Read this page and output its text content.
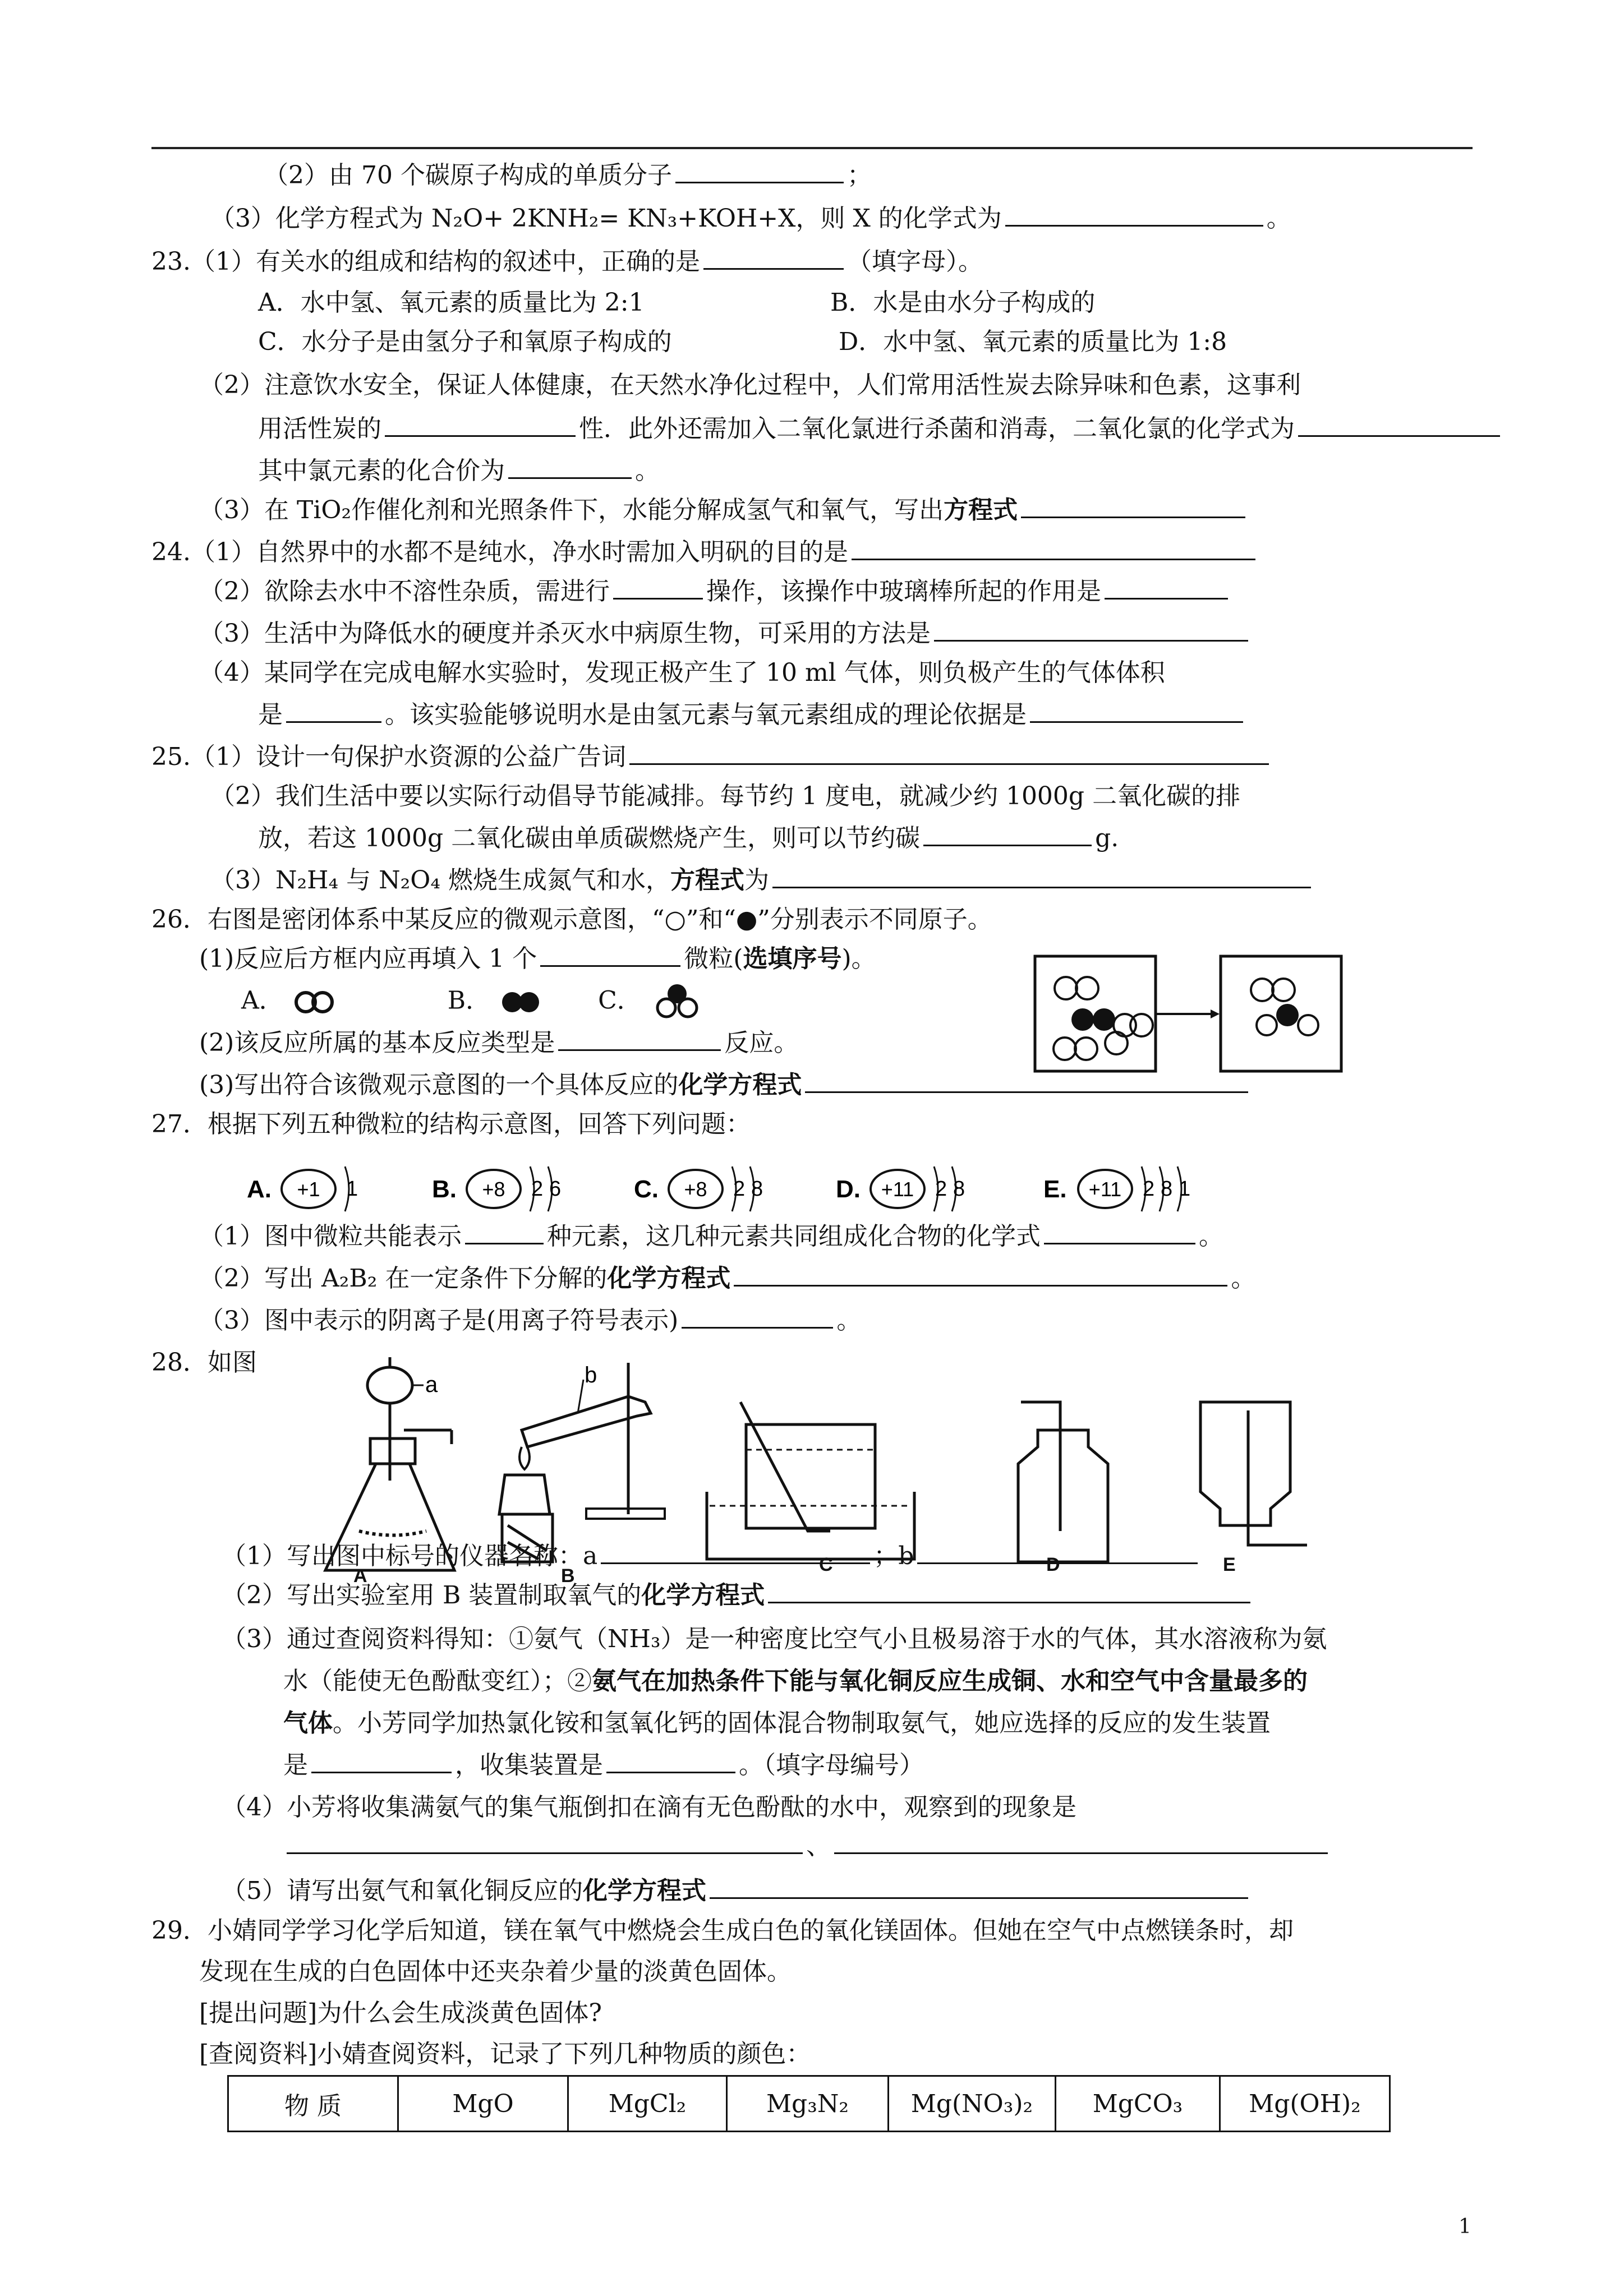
（2）由 70 个碳原子构成的单质分子	；
（3）化学方程式为 N₂O+ 2KNH₂= KN₃+KOH+X，则 X 的化学式为	。
23.（1）有关水的组成和结构的叙述中，正确的是	（填字母）。
A．水中氢、氧元素的质量比为 2:1	B．水是由水分子构成的
C．水分子是由氢分子和氧原子构成的	D．水中氢、氧元素的质量比为 1:8
（2）注意饮水安全，保证人体健康，在天然水净化过程中，人们常用活性炭去除异味和色素，这事利
用活性炭的	性．此外还需加入二氧化氯进行杀菌和消毒，二氧化氯的化学式为
其中氯元素的化合价为	。
（3）在 TiO₂作催化剂和光照条件下，水能分解成氢气和氧气，写出方程式
24.（1）自然界中的水都不是纯水，净水时需加入明矾的目的是
（2）欲除去水中不溶性杂质，需进行	操作，该操作中玻璃棒所起的作用是
（3）生活中为降低水的硬度并杀灭水中病原生物，可采用的方法是
（4）某同学在完成电解水实验时，发现正极产生了 10 ml 气体，则负极产生的气体体积
是	。该实验能够说明水是由氢元素与氧元素组成的理论依据是
25.（1）设计一句保护水资源的公益广告词
（2）我们生活中要以实际行动倡导节能减排。每节约 1 度电，就减少约 1000g 二氧化碳的排
放，若这 1000g 二氧化碳由单质碳燃烧产生，则可以节约碳	g.
（3）N₂H₄ 与 N₂O₄ 燃烧生成氮气和水，方程式为
26．右图是密闭体系中某反应的微观示意图，“○”和“●”分别表示不同原子。
(1)反应后方框内应再填入 1 个	微粒(选填序号)。
A．	B．	C．
(2)该反应所属的基本反应类型是	反应。
(3)写出符合该微观示意图的一个具体反应的化学方程式
27．根据下列五种微粒的结构示意图，回答下列问题：
A. +1 1	B. +8 2 6	C. +8 2 8	D. +11 2 8	E. +11 2 8 1
（1）图中微粒共能表示	种元素，这几种元素共同组成化合物的化学式	。
（2）写出 A₂B₂ 在一定条件下分解的化学方程式	。
（3）图中表示的阴离子是(用离子符号表示)	。
28．如图
a	b
（1）写出图中标号的仪器名称：a	；b
A	B
C	D	E
（2）写出实验室用 B 装置制取氧气的化学方程式
（3）通过查阅资料得知：①氨气（NH₃）是一种密度比空气小且极易溶于水的气体，其水溶液称为氨
水（能使无色酚酞变红）；②氨气在加热条件下能与氧化铜反应生成铜、水和空气中含量最多的
气体。小芳同学加热氯化铵和氢氧化钙的固体混合物制取氨气，她应选择的反应的发生装置
是	，收集装置是	。（填字母编号）
（4）小芳将收集满氨气的集气瓶倒扣在滴有无色酚酞的水中，观察到的现象是
、
（5）请写出氨气和氧化铜反应的化学方程式
29．小婧同学学习化学后知道，镁在氧气中燃烧会生成白色的氧化镁固体。但她在空气中点燃镁条时，却
发现在生成的白色固体中还夹杂着少量的淡黄色固体。
[提出问题]为什么会生成淡黄色固体?
[查阅资料]小婧查阅资料，记录了下列几种物质的颜色：
物 质	MgO	MgCl₂	Mg₃N₂	Mg(NO₃)₂	MgCO₃	Mg(OH)₂
1
